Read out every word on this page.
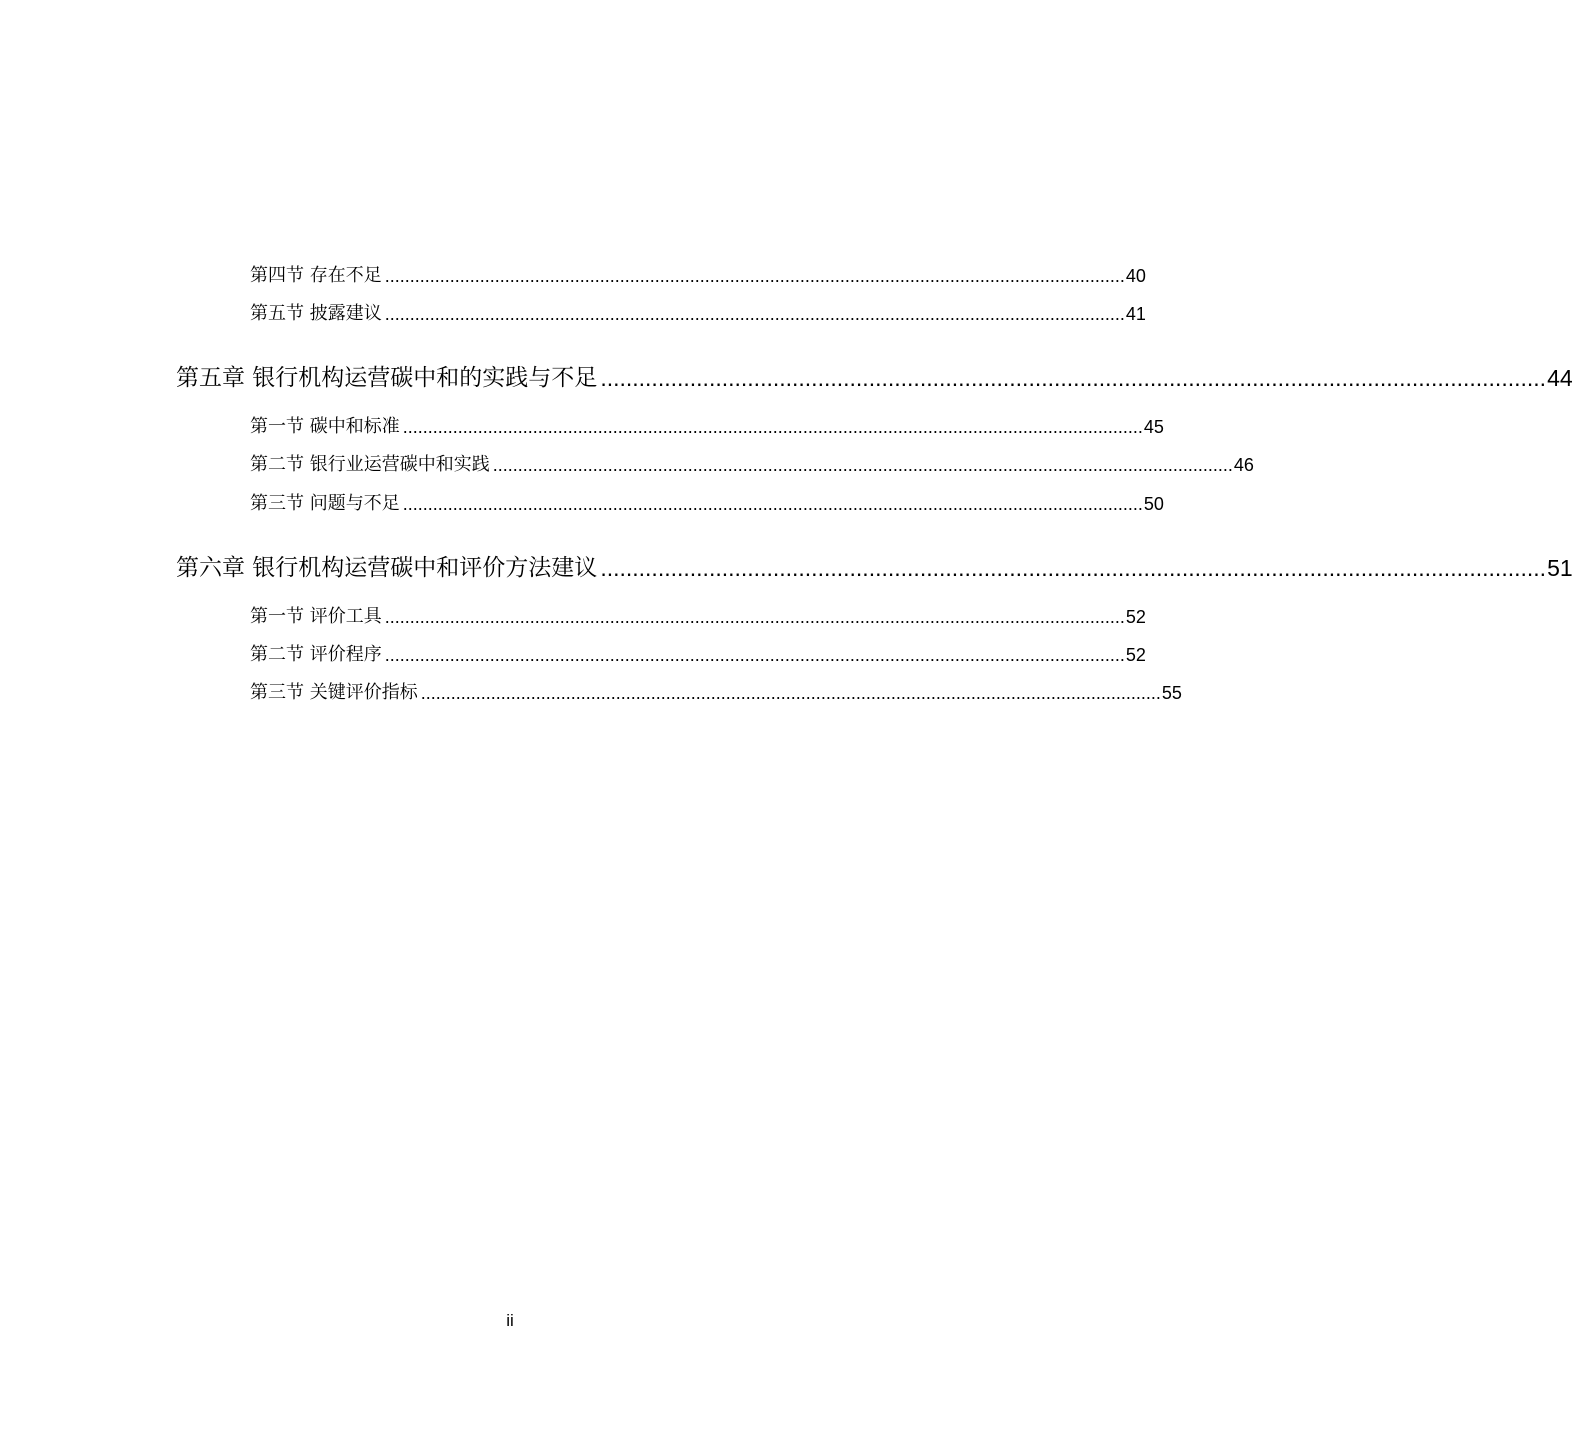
第四节 存在不足 .................................................................................................................................................... 40
第五节 披露建议 .................................................................................................................................................... 41
第五章 银行机构运营碳中和的实践与不足 .................................................................................................................................................... 44
第一节 碳中和标准 .................................................................................................................................................... 45
第二节 银行业运营碳中和实践 .................................................................................................................................................... 46
第三节 问题与不足 .................................................................................................................................................... 50
第六章 银行机构运营碳中和评价方法建议 .................................................................................................................................................... 51
第一节 评价工具 .................................................................................................................................................... 52
第二节 评价程序 .................................................................................................................................................... 52
第三节 关键评价指标 .................................................................................................................................................... 55
ii
